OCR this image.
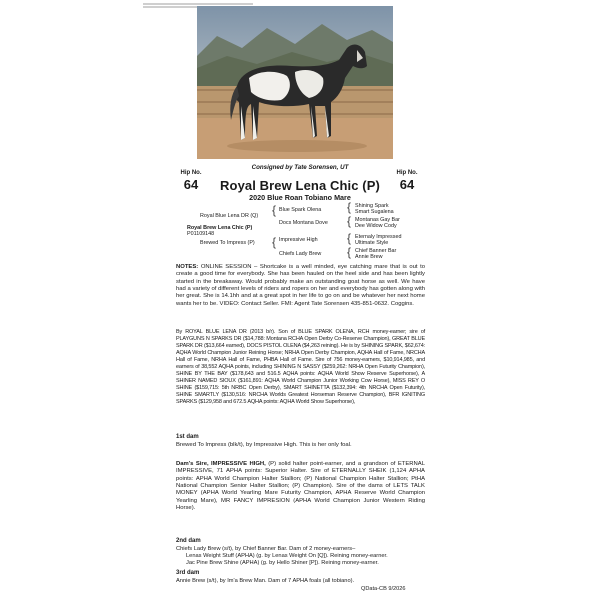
Consigned by Tate Sorensen, UT
Hip No.
64
Hip No.
64
Royal Brew Lena Chic (P)
2020 Blue Roan Tobiano Mare
Royal Blue Lena DR (Q)
Royal Brew Lena Chic (P)
P01109148
Brewed To Impress (P)
{
{
Blue Spark Olena
Docs Montana Dove
Impressive High
Chiefs Lady Brew
{
{
{
{
Shining Spark
Smart Sugalena
Montanas Gay Bar
Dee Widow Cody
Eternaly Impressed
Ultimate Style
Chief Banner Bar
Annie Brew
NOTES: ONLINE SESSION – Shortcake is a well minded, eye catching mare that is out to create a good time for everybody. She has been hauled on the heel side and has been lightly started in the breakaway. Would probably make an outstanding goat horse as well. We have had a variety of different levels of riders and ropers on her and everybody has gotten along with her great. She is 14.1hh and at a great spot in her life to go on and be whatever her next home wants her to be. VIDEO: Contact Seller. FMI: Agent Tate Sorensen 435-851-0632. Coggins.
By ROYAL BLUE LENA DR (2013 b/r). Son of BLUE SPARK OLENA, RCH money-earner; sire of PLAYGUNS N SPARKS DR ($14,788: Montana RCHA Open Derby Co-Reserve Champion), GREAT BLUE SPARK DR ($13,664 earned), DOCS PISTOL OLENA ($4,263 reining). He is by SHINING SPARK, $62,674: AQHA World Champion Junior Reining Horse; NRHA Open Derby Champion, AQHA Hall of Fame, NRCHA Hall of Fame, NRHA Hall of Fame, PHBA Hall of Fame. Sire of 756 money-earners, $10,914,985, and earners of 38,552 AQHA points, including SHINING N SASSY ($259,262: NRHA Open Futurity Champion), SHINE BY THE BAY ($178,643 and 516.5 AQHA points: AQHA World Show Reserve Superhorse), A SHINER NAMED SIOUX ($161,891: AQHA World Champion Junior Working Cow Horse), MISS REY O SHINE ($159,715: 5th NRBC Open Derby), SMART SHINETTA ($132,394: 4th NRCHA Open Futurity), SHINE SMARTLY ($130,516: NRCHA Worlds Greatest Horseman Reserve Champion), BFR IGNITING SPARKS ($129,958 and 672.5 AQHA points: AQHA World Show Superhorse),
1st dam
Brewed To Impress (blk/t), by Impressive High. This is her only foal.
Dam's Sire, IMPRESSIVE HIGH, (P) solid halter point-earner, and a grandson of ETERNAL IMPRESSIVE, 71 APHA points: Superior Halter. Sire of ETERNALLY SHEIK (1,124 APHA points: APHA World Champion Halter Stallion; (P) National Champion Halter Stallion; PtHA National Champion Senior Halter Stallion; (P) Champion). Sire of the dams of LETS TALK MONEY (APHA World Yearling Mare Futurity Champion, APHA Reserve World Champion Yearling Mare), MR FANCY IMPRESION (APHA World Champion Junior Western Riding Horse).
2nd dam
Chiefs Lady Brew (s/t), by Chief Banner Bar. Dam of 2 money-earners–
Lenas Weight Stuff (APHA) (g. by Lenas Weight On [Q]). Reining money-earner.
Jac Pine Brew Shine (APHA) (g. by Hello Shiner [P]). Reining money-earner.
3rd dam
Annie Brew (s/t), by Im'a Brew Man. Dam of 7 APHA foals (all tobiano).
QData-CB 9/2026
